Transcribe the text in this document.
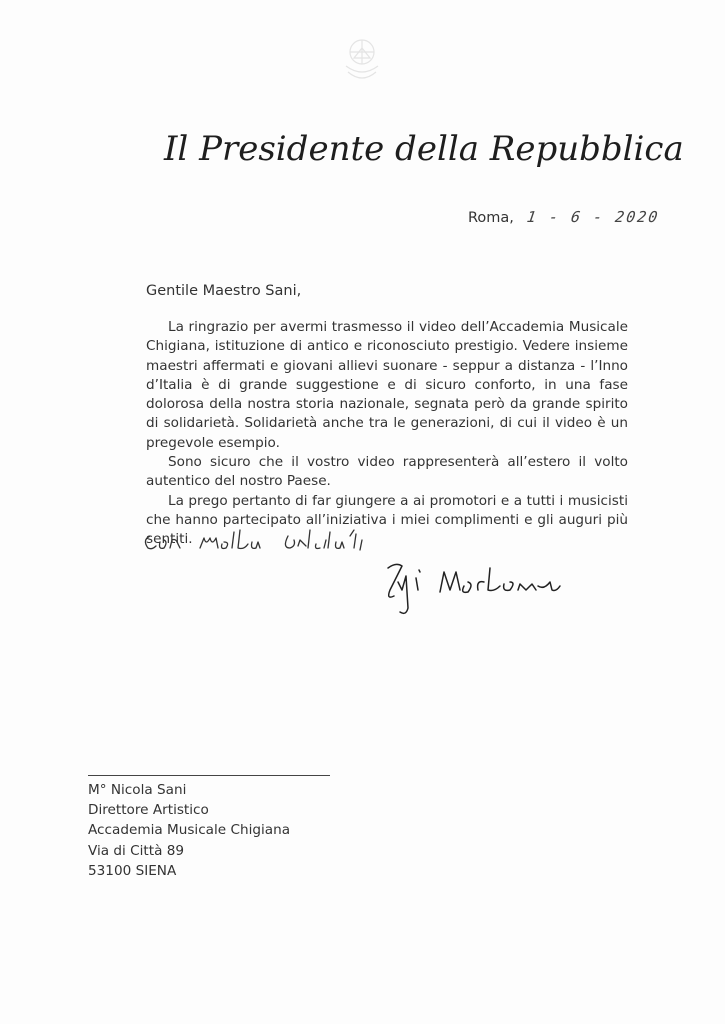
Il Presidente della Repubblica
Roma, 1 - 6 - 2020
Gentile Maestro Sani,

La ringrazio per avermi trasmesso il video dell’Accademia Musicale Chigiana, istituzione di antico e riconosciuto prestigio. Vedere insieme maestri affermati e giovani allievi suonare - seppur a distanza - l’Inno d’Italia è di grande suggestione e di sicuro conforto, in una fase dolorosa della nostra storia nazionale, segnata però da grande spirito di solidarietà. Solidarietà anche tra le generazioni, di cui il video è un pregevole esempio.

Sono sicuro che il vostro video rappresenterà all’estero il volto autentico del nostro Paese.

La prego pertanto di far giungere a ai promotori e a tutti i musicisti che hanno partecipato all’iniziativa i miei complimenti e gli auguri più sentiti.

M° Nicola Sani
Direttore Artistico
Accademia Musicale Chigiana
Via di Città 89
53100 SIENA
